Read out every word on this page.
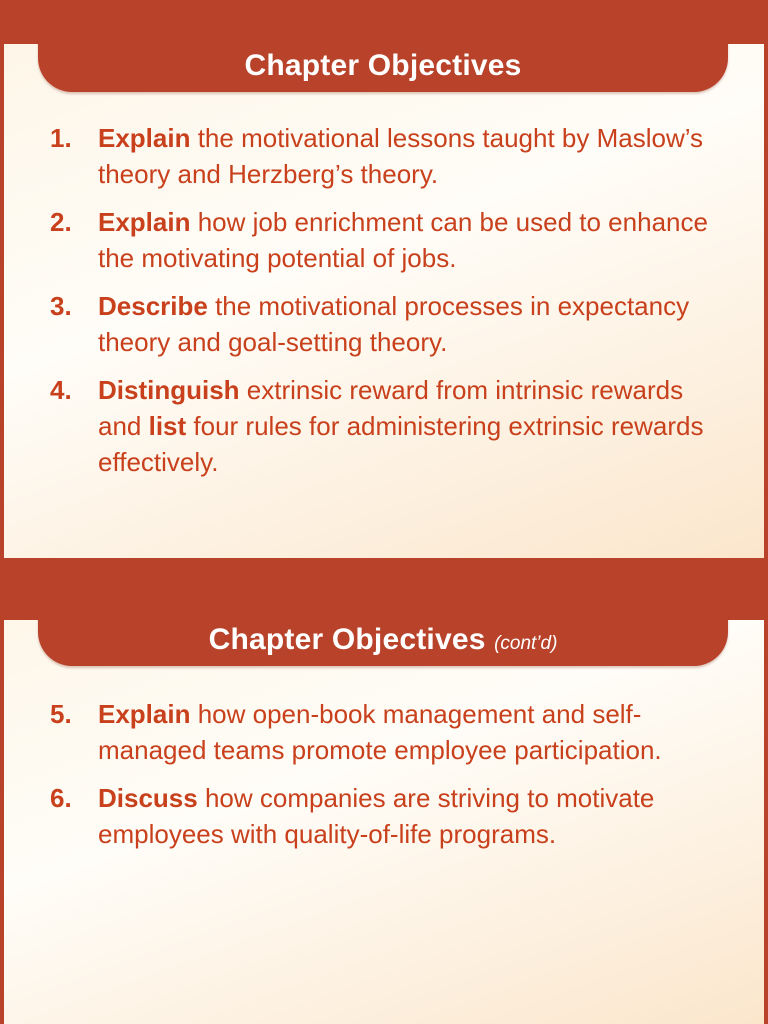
Chapter Objectives
1. Explain the motivational lessons taught by Maslow’s theory and Herzberg’s theory.
2. Explain how job enrichment can be used to enhance the motivating potential of jobs.
3. Describe the motivational processes in expectancy theory and goal-setting theory.
4. Distinguish extrinsic reward from intrinsic rewards and list four rules for administering extrinsic rewards effectively.
Chapter Objectives (cont’d)
5. Explain how open-book management and self-managed teams promote employee participation.
6. Discuss how companies are striving to motivate employees with quality-of-life programs.
